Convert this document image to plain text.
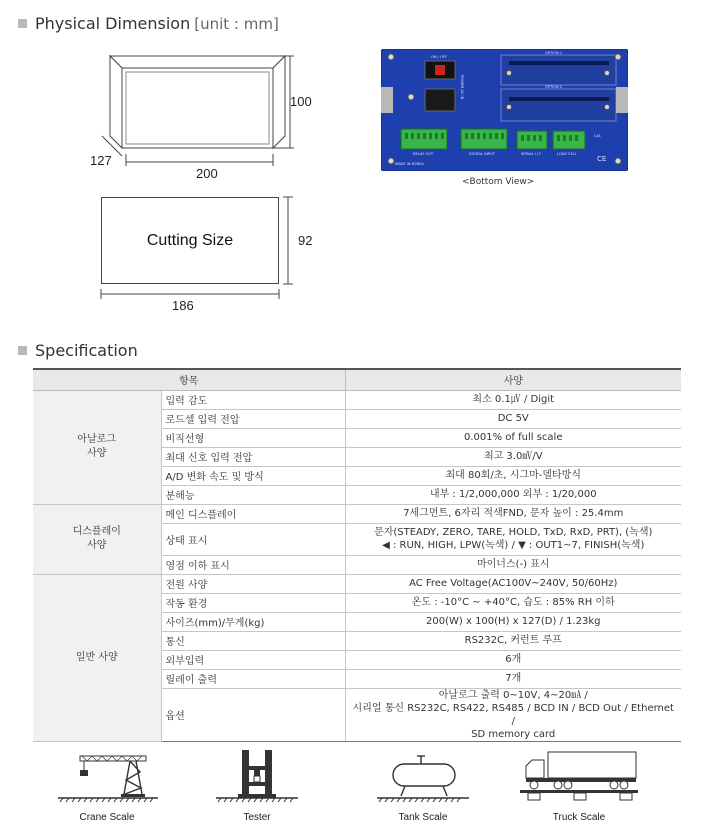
Physical Dimension [unit : mm]
100
127
200
ON / OFF
OPTION 1
OPTION 2
RELAY OUT	DIGITAL INPUT	SERIAL I / F	LOAD CELL
CAL
MADE IN KOREA
CE
POWER AC IN
<Bottom View>
Cutting Size	92
186
Specification
항목		사양
아날로그
사양	입력 감도	최소 0.1㎶ / Digit
	로드셀 입력 전압	DC 5V
	비직선형	0.001% of full scale
	최대 신호 입력 전압	최고 3.0㎷/V
	A/D 변화 속도 및 방식	최대 80회/초, 시그마-델타방식
	분해능	내부 : 1/2,000,000 외부 : 1/20,000
디스플레이
사양	메인 디스플레이	7세그먼트, 6자리 적색FND, 문자 높이 : 25.4mm
	상태 표시	문자(STEADY, ZERO, TARE, HOLD, TxD, RxD, PRT), (녹색)
◀ : RUN, HIGH, LPW(녹색) / ▼ : OUT1~7, FINISH(녹색)
	영점 이하 표시	마이너스(-) 표시
일반 사양	전원 사양	AC Free Voltage(AC100V~240V, 50/60Hz)
	작동 환경	온도 : -10°C ~ +40°C, 습도 : 85% RH 이하
	사이즈(mm)/무게(kg)	200(W) x 100(H) x 127(D) / 1.23kg
	통신	RS232C, 커런트 루프
	외부입력	6개
	릴레이 출력	7개
	옵션	아날로그 출력 0~10V, 4~20㎃ /
시리얼 통신 RS232C, RS422, RS485 / BCD IN / BCD Out / Ethernet /
SD memory card
Crane Scale	Tester	Tank Scale	Truck Scale
